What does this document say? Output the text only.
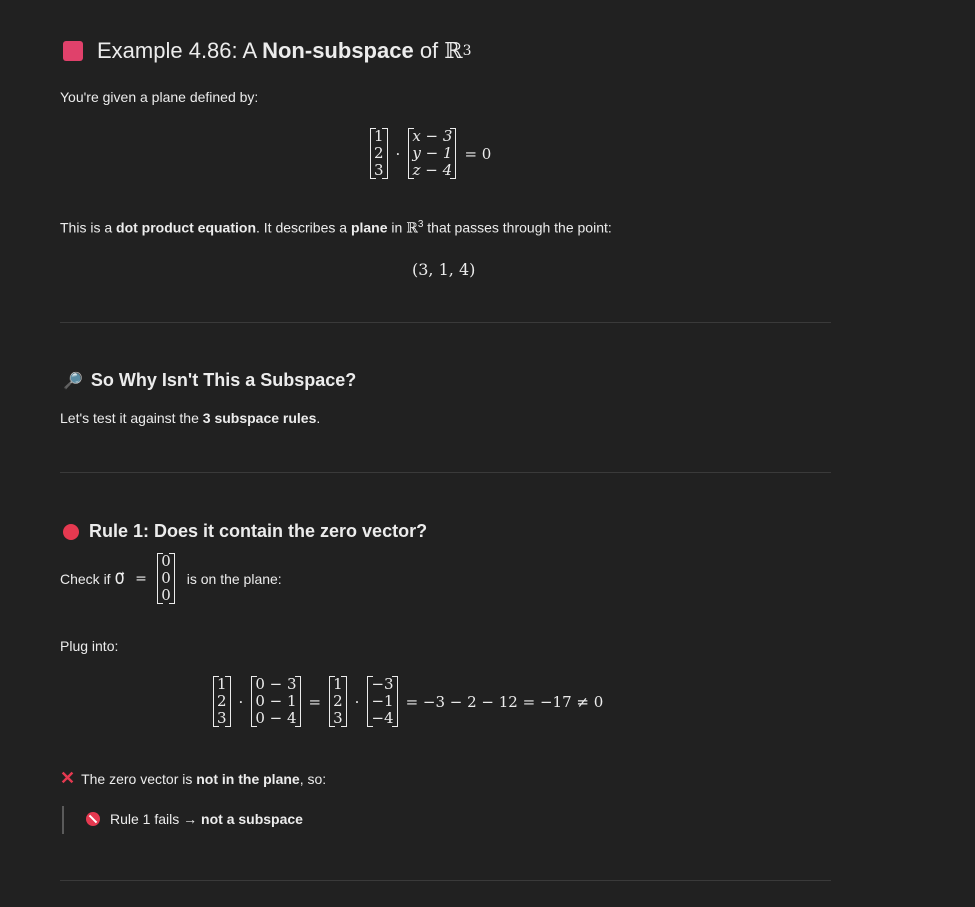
Example 4.86: A Non-subspace of ℝ 3
You're given a plane defined by:
1
2
3
·
x − 3
y − 1
z − 4
= 0
This is a dot product equation. It describes a plane in ℝ$^3$ that passes through the point:
(3, 1, 4)
🔎 So Why Isn't This a Subspace?
Let's test it against the 3 subspace rules.
Rule 1: Does it contain the zero vector?
Check if 0⃗ =
0
0
0
is on the plane:
Plug into:
1
2
3
·
0 − 3
0 − 1
0 − 4
=
1
2
3
·
−3
−1
−4
= −3 − 2 − 12 = −17 ≠ 0
✕ The zero vector is not in the plane , so:
Rule 1 fails → not a subspace
